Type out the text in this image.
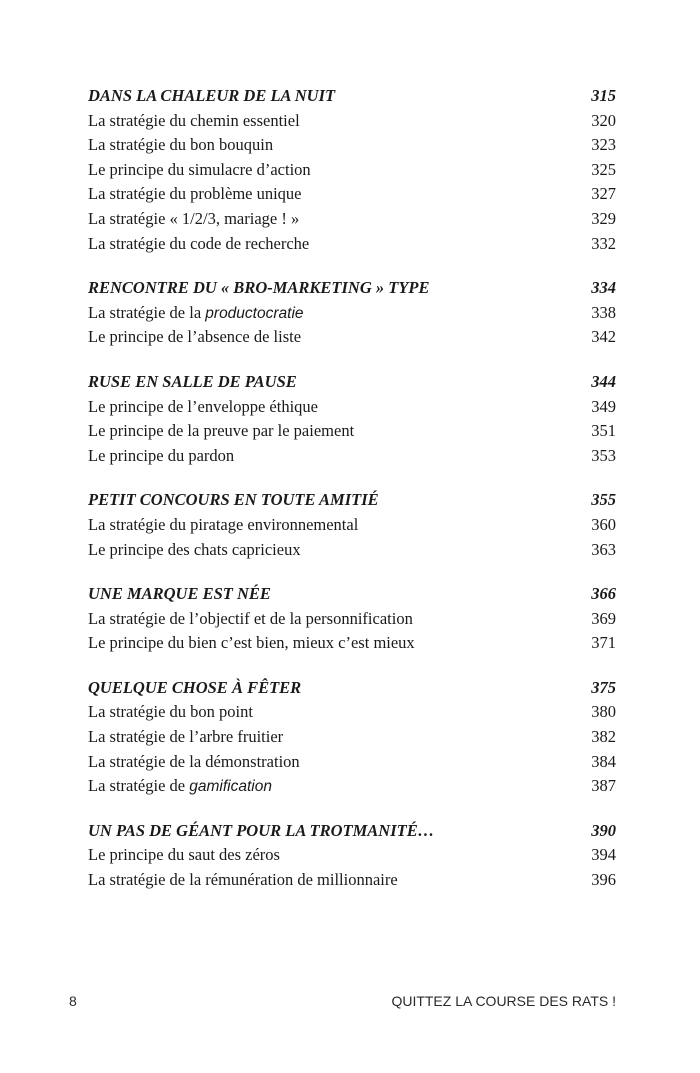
DANS LA CHALEUR DE LA NUIT	315
La stratégie du chemin essentiel	320
La stratégie du bon bouquin	323
Le principe du simulacre d’action	325
La stratégie du problème unique	327
La stratégie « 1/2/3, mariage ! »	329
La stratégie du code de recherche	332
RENCONTRE DU « BRO-MARKETING » TYPE	334
La stratégie de la productocratie	338
Le principe de l’absence de liste	342
RUSE EN SALLE DE PAUSE	344
Le principe de l’enveloppe éthique	349
Le principe de la preuve par le paiement	351
Le principe du pardon	353
PETIT CONCOURS EN TOUTE AMITIÉ	355
La stratégie du piratage environnemental	360
Le principe des chats capricieux	363
UNE MARQUE EST NÉE	366
La stratégie de l’objectif et de la personnification	369
Le principe du bien c’est bien, mieux c’est mieux	371
QUELQUE CHOSE À FÊTER	375
La stratégie du bon point	380
La stratégie de l’arbre fruitier	382
La stratégie de la démonstration	384
La stratégie de gamification	387
UN PAS DE GÉANT POUR LA TROTMANITÉ…	390
Le principe du saut des zéros	394
La stratégie de la rémunération de millionnaire	396
8	QUITTEZ LA COURSE DES RATS !
